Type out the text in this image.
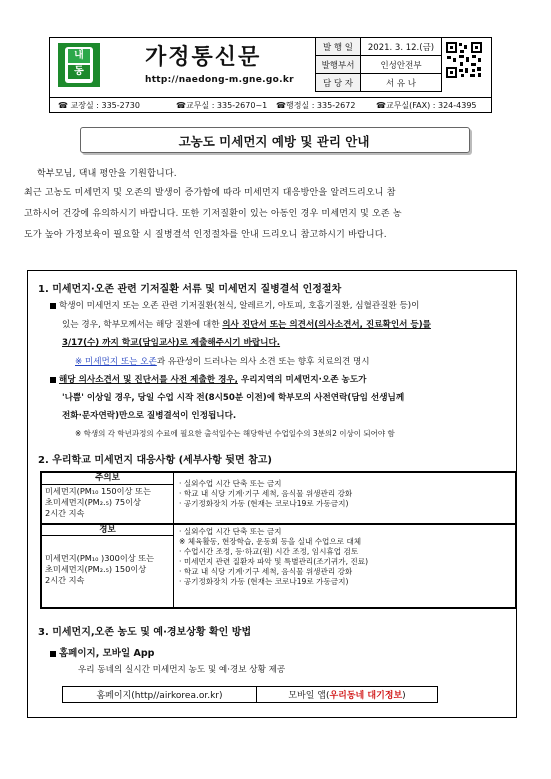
내
동
가정통신문
http://naedong-m.gne.go.kr
발 행 일	2021. 3. 12.(금)
발행부서	인성안전부
담 당 자	서 유 나
☎ 교장실 : 335-2730	☎교무실 : 335-2670~1 ☎행정실 : 335-2672	☎교무실(FAX) : 324-4395
고농도 미세먼지 예방 및 관리 안내
학부모님, 댁내 평안을 기원합니다.
최근 고농도 미세먼지 및 오존의 발생이 증가함에 따라 미세먼지 대응방안을 알려드리오니 참
고하시어 건강에 유의하시기 바랍니다. 또한 기저질환이 있는 아동인 경우 미세먼지 및 오존 농
도가 높아 가정보육이 필요할 시 질병결석 인정절차를 안내 드리오니 참고하시기 바랍니다.
1. 미세먼지·오존 관련 기저질환 서류 및 미세먼지 질병결석 인정절차
학생이 미세먼지 또는 오존 관련 기저질환(천식, 알레르기, 아토피, 호흡기질환, 심혈관질환 등)이
있는 경우, 학부모께서는 해당 질환에 대한 의사 진단서 또는 의견서(의사소견서, 진료확인서 등)를
3/17(수) 까지 학교(담임교사)로 제출해주시기 바랍니다.
※ 미세먼지 또는 오존과 유관성이 드러나는 의사 소견 또는 향후 치료의견 명시
해당 의사소견서 및 진단서를 사전 제출한 경우, 우리지역의 미세먼지·오존 농도가
'나쁨' 이상일 경우, 당일 수업 시작 전(8시50분 이전)에 학부모의 사전연락(담임 선생님께
전화·문자연락)만으로 질병결석이 인정됩니다.
※ 학생의 각 학년과정의 수료에 필요한 출석일수는 해당학년 수업일수의 3분의2 이상이 되어야 함
2. 우리학교 미세먼지 대응사항 (세부사항 뒷면 참고)
주의보
미세먼지(PM₁₀ 150이상 또는
초미세먼지(PM₂.₅) 75이상
2시간 지속
· 실외수업 시간 단축 또는 금지
· 학교 내 식당 기계·기구 세척, 음식물 위생관리 강화
· 공기정화장치 가동 (현재는 코로나19로 가동금지)
경보
미세먼지(PM₁₀ )300이상 또는
초미세먼지(PM₂.₅) 150이상
2시간 지속
· 실외수업 시간 단축 또는 금지
※ 체육활동, 현장학습, 운동회 등을 실내 수업으로 대체
· 수업시간 조정, 등·하교(원) 시간 조정, 임시휴업 검토
· 미세먼지 관련 질환자 파악 및 특별관리(조기귀가, 진료)
· 학교 내 식당 기계·기구 세척, 음식물 위생관리 강화
· 공기정화장치 가동 (현재는 코로나19로 가동금지)
3. 미세먼지,오존 농도 및 예·경보상황 확인 방법
홈페이지, 모바일 App
우리 동네의 실시간 미세먼지 농도 및 예·경보 상황 제공
홈페이지(http//airkorea.or.kr)	모바일 앱(우리동네 대기정보)
